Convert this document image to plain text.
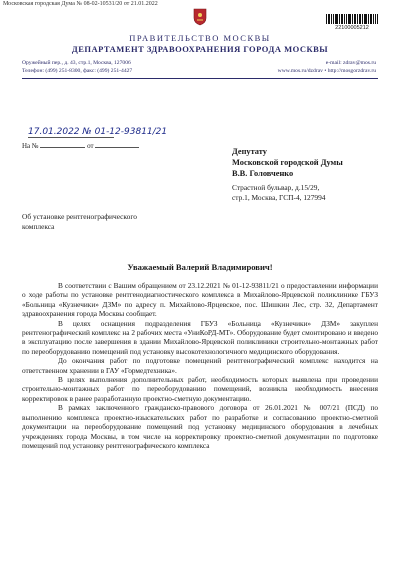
Московская городская Дума № 08-02-10531/20 от 21.01.2022
22100005212
ПРАВИТЕЛЬСТВО МОСКВЫ
ДЕПАРТАМЕНТ ЗДРАВООХРАНЕНИЯ ГОРОДА МОСКВЫ
Оружейный пер., д. 43, стр.1, Москва, 127006
Телефон: (499) 251-8300, факс: (499) 251-4427
e-mail: zdrav@mos.ru
www.mos.ru/dzdrav • http://mosgorzdrav.ru
17.01.2022 № 01-12-93811/21
На №	от
Депутату
Московской городской Думы
В.В. Головченко
Страстной бульвар, д.15/29,
стр.1, Москва, ГСП-4, 127994
Об установке рентгенографического
комплекса
Уважаемый Валерий Владимирович!

В соответствии с Вашим обращением от 23.12.2021 № 01-12-93811/21 о предоставлении информации о ходе работы по установке рентгенодиагностического комплекса в Михайлово-Ярцевской поликлинике ГБУЗ «Больница «Кузнечики» ДЗМ» по адресу п. Михайлово-Ярцевское, пос. Шишкин Лес, стр. 32, Департамент здравоохранения города Москвы сообщает.

В целях оснащения подразделения ГБУЗ «Больница «Кузнечики» ДЗМ» закуплен рентгенографический комплекс на 2 рабочих места «УниКоРД-МТ». Оборудование будет смонтировано и введено в эксплуатацию после завершения в здании Михайлово-Ярцевской поликлиники строительно-монтажных работ по переоборудованию помещений под установку высокотехнологичного медицинского оборудования.

До окончания работ по подготовке помещений рентгенографический комплекс находится на ответственном хранении в ГАУ «Гормедтехника».

В целях выполнения дополнительных работ, необходимость которых выявлена при проведении строительно-монтажных работ по переоборудованию помещений, возникла необходимость внесения корректировок в ранее разработанную проектно-сметную документацию.

В рамках заключенного гражданско-правового договора от 26.01.2021 № 007/21 (ПСД) по выполнению комплекса проектно-изыскательских работ по разработке и согласованию проектно-сметной документации на переоборудование помещений под установку медицинского оборудования в лечебных учреждениях города Москвы, в том числе на корректировку проектно-сметной документации по подготовке помещений под установку рентгенографического комплекса
